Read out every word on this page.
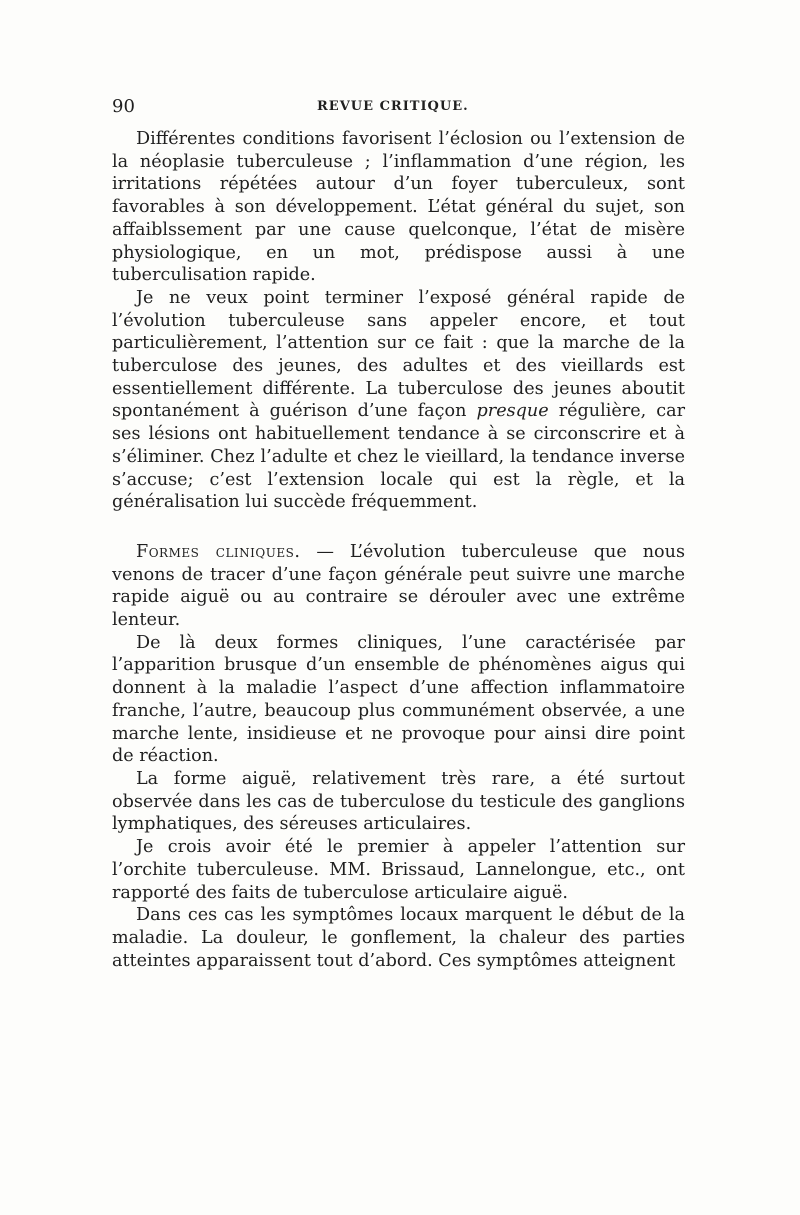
90	REVUE CRITIQUE.

Différentes conditions favorisent l’éclosion ou l’extension de la néoplasie tuberculeuse ; l’inflammation d’une région, les irritations répétées autour d’un foyer tuberculeux, sont favorables à son développement. L’état général du sujet, son affaiblssement par une cause quelconque, l’état de misère physiologique, en un mot, prédispose aussi à une tuberculisation rapide.

Je ne veux point terminer l’exposé général rapide de l’évolution tuberculeuse sans appeler encore, et tout particulièrement, l’attention sur ce fait : que la marche de la tuberculose des jeunes, des adultes et des vieillards est essentiellement différente. La tuberculose des jeunes aboutit spontanément à guérison d’une façon presque régulière, car ses lésions ont habituellement tendance à se circonscrire et à s’éliminer. Chez l’adulte et chez le vieillard, la tendance inverse s’accuse; c’est l’extension locale qui est la règle, et la généralisation lui succède fréquemment.

Formes cliniques. — L’évolution tuberculeuse que nous venons de tracer d’une façon générale peut suivre une marche rapide aiguë ou au contraire se dérouler avec une extrême lenteur.

De là deux formes cliniques, l’une caractérisée par l’apparition brusque d’un ensemble de phénomènes aigus qui donnent à la maladie l’aspect d’une affection inflammatoire franche, l’autre, beaucoup plus communément observée, a une marche lente, insidieuse et ne provoque pour ainsi dire point de réaction.

La forme aiguë, relativement très rare, a été surtout observée dans les cas de tuberculose du testicule des ganglions lymphatiques, des séreuses articulaires.

Je crois avoir été le premier à appeler l’attention sur l’orchite tuberculeuse. MM. Brissaud, Lannelongue, etc., ont rapporté des faits de tuberculose articulaire aiguë.

Dans ces cas les symptômes locaux marquent le début de la maladie. La douleur, le gonflement, la chaleur des parties atteintes apparaissent tout d’abord. Ces symptômes atteignent
